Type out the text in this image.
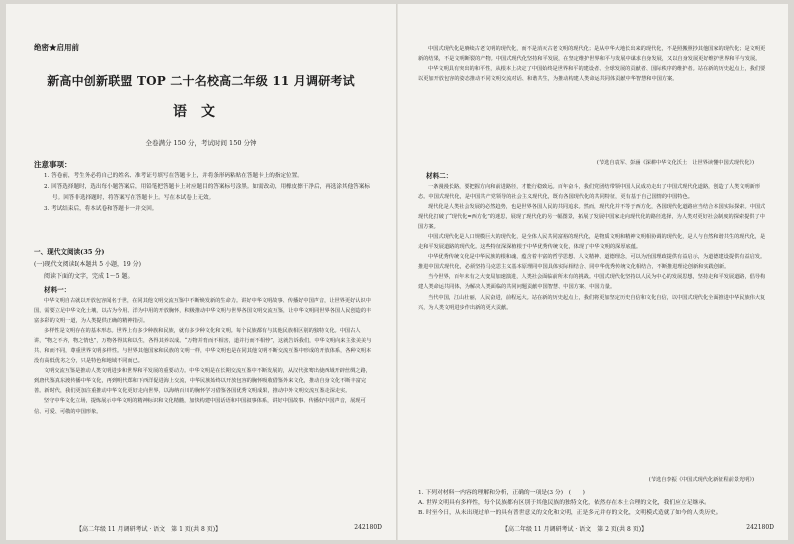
绝密★启用前
新高中创新联盟 TOP 二十名校高二年级 11 月调研考试
语文
全卷满分 150 分，考试时间 150 分钟
注意事项：
1. 答卷前，考生务必将自己的姓名、准考证号填写在答题卡上，并将条形码粘贴在答题卡上的指定位置。
2. 回答选择题时，选出每小题答案后，用铅笔把答题卡上对应题目的答案标号涂黑。如需改动，用橡皮擦干净后，再选涂其他答案标号。回答非选择题时，将答案写在答题卡上。写在本试卷上无效。
3. 考试结束后，将本试卷和答题卡一并交回。
一、现代文阅读(35 分)
(一)现代文阅读Ⅰ(本题共 5 小题，19 分)
阅读下面的文字，完成 1～5 题。
材料一：

中华文明自古就以开放包容闻名于世，在同其他文明交流互鉴中不断焕发新的生命力。讲好中华文明故事、传播好中国声音，让世界更好认识中国，需要立足中华文化土壤，以古为今用、洋为中用的开放胸怀，积极推动中华文明与世界各国文明交流互鉴，让中华文明同世界各国人民创造的丰富多彩的文明一道，为人类提供正确的精神指引。

多样性是文明存在的基本形态。世界上有多少种族和民族，就有多少种文化和文明。每个民族都有与其他民族相区别的独特文化。中国古人讲，“物之不齐，物之情也”，万物各得其和以生，各得其养以成。“万物并育而不相害，道并行而不相悖”，这就告诉我们，中华文明向来主张美美与共、和而不同，尊重世界文明多样性。与世界其他国家和民族的文明一样，中华文明也是在同其他文明不断交流互鉴中形成的开放体系，各种文明本没有高低优劣之分，只是特色和地域不同而已。

文明交流互鉴是推动人类文明进步和世界和平发展的重要动力。中华文明是在长期交流互鉴中不断发展的，从汉代张骞出使西域开辟丝绸之路，到唐代鉴真东渡传播中华文化，再到明代郑和下西洋促进海上交流，中华民族始终以开放包容的胸怀吸收借鉴外来文化，推动自身文化不断丰富完善。新时代，我们更加注重推动中华文化更好走向世界，以海纳百川的胸怀学习借鉴各国优秀文明成果，推动中外文明交流互鉴走深走实。

坚守中华文化立场，提炼展示中华文明的精神标识和文化精髓，加快构建中国话语和中国叙事体系，讲好中国故事、传播好中国声音，展现可信、可爱、可敬的中国形象。

【高二年级 11 月调研考试 · 语文　第 1 页(共 8 页)】	242180D

中国式现代化是赓续古老文明的现代化，而不是消灭古老文明的现代化；是从中华大地长出来的现代化，不是照搬照抄其他国家的现代化；是文明更新的结果，不是文明断裂的产物。中国式现代化坚持和平发展，在坚定维护世界和平与发展中谋求自身发展，又以自身发展更好维护世界和平与发展。

中华文明具有突出的和平性，从根本上决定了中国始终是世界和平的建设者、全球发展的贡献者、国际秩序的维护者。站在新的历史起点上，我们要以更加开放包容的姿态推动不同文明交流对话、和谐共生，为推动构建人类命运共同体贡献中华智慧和中国方案。

(节选自袁军、彭涵《深耕中华文化沃土　让世界读懂中国式现代化》)
材料二：

一条漫漫长路，要把握方向和前进路径，才能行稳致远。百年奋斗，我们党团结带领中国人民成功走出了中国式现代化道路，创造了人类文明新形态。中国式现代化，是中国共产党领导的社会主义现代化，既有各国现代化的共同特征，更有基于自己国情的中国特色。

现代化是人类社会发展的必然趋势，也是世界各国人民的共同追求。然而，现代化并不等于西方化，各国现代化道路应当结合本国实际探索。中国式现代化打破了“现代化=西方化”的迷思，展现了现代化的另一幅图景，拓展了发展中国家走向现代化的路径选择，为人类对更好社会制度的探索提供了中国方案。

中国式现代化是人口规模巨大的现代化，是全体人民共同富裕的现代化，是物质文明和精神文明相协调的现代化，是人与自然和谐共生的现代化，是走和平发展道路的现代化。这些特征深深植根于中华优秀传统文化，体现了中华文明的深厚底蕴。

中华优秀传统文化是中华民族的根和魂，蕴含着丰富的哲学思想、人文精神、道德理念，可以为治国理政提供有益启示，为道德建设提供有益启发。推进中国式现代化，必须坚持马克思主义基本原理同中国具体实际相结合、同中华优秀传统文化相结合，不断推进理论创新和实践创新。

当今世界，百年未有之大变局加速演进，人类社会面临前所未有的挑战。中国式现代化坚持以人民为中心的发展思想，坚持走和平发展道路，倡导构建人类命运共同体，为解决人类面临的共同问题贡献中国智慧、中国方案、中国力量。

当代中国，江山壮丽，人民奋进，前程远大。站在新的历史起点上，我们将更加坚定历史自信和文化自信，以中国式现代化全面推进中华民族伟大复兴，为人类文明进步作出新的更大贡献。

(节选自李振《中国式现代化新征程前景光明》)
1. 下列对材料一内容的理解和分析，正确的一项是(3 分)　(　　)
A. 世界文明具有多样性，每个民族都有区别于其他民族的独特文化，依然存在本土合理的文化，我们应立足继承。
B. 时至今日，从未出现过单一的具有普世意义的文化和文明，正是多元并存的文化，文明模式造就了如今的人类历史。
【高二年级 11 月调研考试 · 语文　第 2 页(共 8 页)】	242180D
